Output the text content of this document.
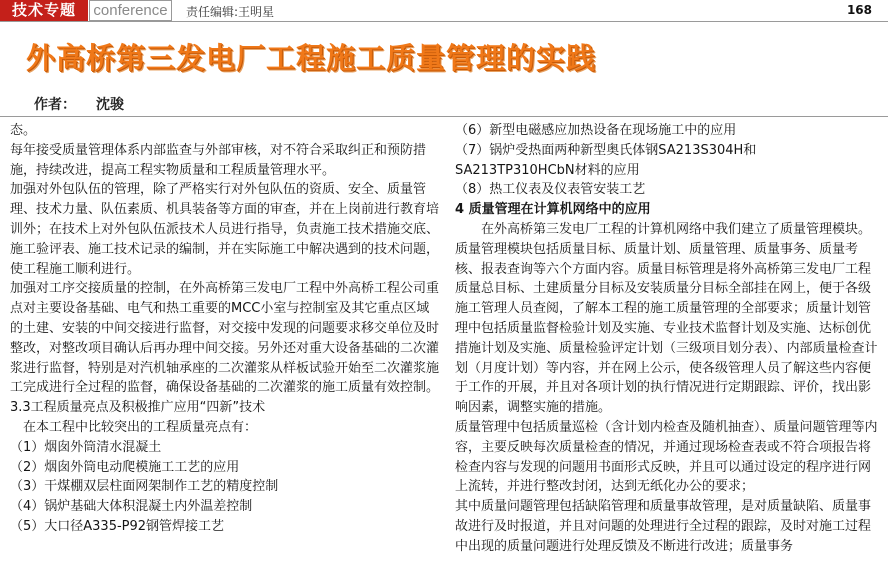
技术专题	conference	责任编辑:王明星	168
外高桥第三发电厂工程施工质量管理的实践
作者： 沈骏

态。

每年接受质量管理体系内部监查与外部审核，对不符合采取纠正和预防措施，持续改进，提高工程实物质量和工程质量管理水平。

加强对外包队伍的管理，除了严格实行对外包队伍的资质、安全、质量管理、技术力量、队伍素质、机具装备等方面的审查，并在上岗前进行教育培训外；在技术上对外包队伍派技术人员进行指导，负责施工技术措施交底、施工验评表、施工技术记录的编制，并在实际施工中解决遇到的技术问题，使工程施工顺利进行。

加强对工序交接质量的控制，在外高桥第三发电厂工程中外高桥工程公司重点对主要设备基础、电气和热工重要的MCC小室与控制室及其它重点区域的土建、安装的中间交接进行监督，对交接中发现的问题要求移交单位及时整改，对整改项目确认后再办理中间交接。另外还对重大设备基础的二次灌浆进行监督，特别是对汽机轴承座的二次灌浆从样板试验开始至二次灌浆施工完成进行全过程的监督，确保设备基础的二次灌浆的施工质量有效控制。

3.3工程质量亮点及积极推广应用“四新”技术

在本工程中比较突出的工程质量亮点有：

（1）烟囱外筒清水混凝土

（2）烟囱外筒电动爬模施工工艺的应用

（3）干煤棚双层柱面网架制作工艺的精度控制

（4）锅炉基础大体积混凝土内外温差控制

（5）大口径A335-P92钢管焊接工艺

（6）新型电磁感应加热设备在现场施工中的应用

（7）锅炉受热面两种新型奥氏体钢SA213S304H和 SA213TP310HCbN材料的应用

（8）热工仪表及仪表管安装工艺

4 质量管理在计算机网络中的应用

在外高桥第三发电厂工程的计算机网络中我们建立了质量管理模块。质量管理模块包括质量目标、质量计划、质量管理、质量事务、质量考核、报表查询等六个方面内容。质量目标管理是将外高桥第三发电厂工程质量总目标、土建质量分目标及安装质量分目标全部挂在网上，便于各级施工管理人员查阅，了解本工程的施工质量管理的全部要求；质量计划管理中包括质量监督检验计划及实施、专业技术监督计划及实施、达标创优措施计划及实施、质量检验评定计划（三级项目划分表）、内部质量检查计划（月度计划）等内容，并在网上公示，使各级管理人员了解这些内容便于工作的开展，并且对各项计划的执行情况进行定期跟踪、评价，找出影响因素，调整实施的措施。

质量管理中包括质量巡检（含计划内检查及随机抽查）、质量问题管理等内容，主要反映每次质量检查的情况，并通过现场检查表或不符合项报告将检查内容与发现的问题用书面形式反映，并且可以通过设定的程序进行网上流转，并进行整改封闭，达到无纸化办公的要求；

其中质量问题管理包括缺陷管理和质量事故管理，是对质量缺陷、质量事故进行及时报道，并且对问题的处理进行全过程的跟踪，及时对施工过程中出现的质量问题进行处理反馈及不断进行改进；质量事务
